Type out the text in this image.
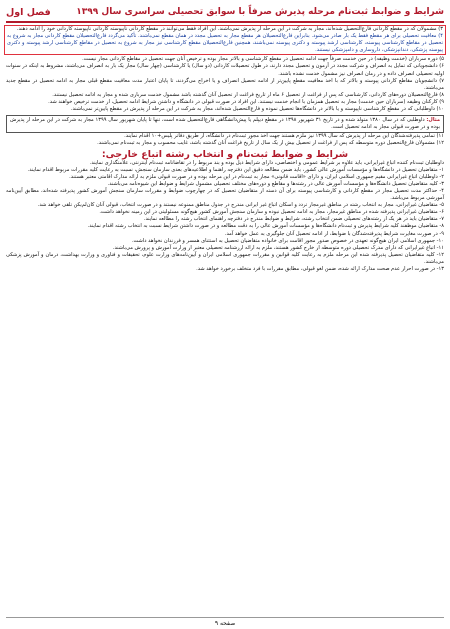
شرایط و ضوابط ثبت‌نام مرحله پذیرش صرفاً با سوابق تحصیلی سراسری سال ۱۳۹۹
فصل اول

۳) مشمولان که در مقطع کاردانی فارغ‌التحصیل شده‌اند، مجاز به شرکت در این مرحله از پذیرش نمی‌باشند. این افراد فقط می‌توانند در مقطع کاردانی ناپیوسته کاردانی ناپیوسته کاردانی خود را ادامه دهند.

۴) معافیت تحصیلی برای هر مقطع فقط یک بار صادر می‌شود. بنابراین فارغ‌التحصیلان هر مقطع مجاز به تحصیل مجدد در همان مقطع نمی‌باشند. تأکید می‌گردد فارغ‌التحصیلان مقطع کاردانی مجاز به شروع به تحصیل در مقاطع کارشناسی پیوسته، کارشناسی ارشد پیوسته و دکتری پیوسته نمی‌باشند، همچنین فارغ‌التحصیلان مقطع کارشناسی نیز مجاز به شروع به تحصیل در مقاطع کارشناسی ارشد پیوسته و دکتری پیوسته پزشکی، دندانپزشکی، داروسازی و دامپزشکی نیستند.

۵) دوره سربازان (خدمت وظیفه) در حین خدمت صرفاً جهت ادامه تحصیل در مقطع کارشناسی و بالاتر مجاز بوده و ترخیص آنان جهت تحصیل در مقاطع کاردانی مجاز نیست.

۶) دانشجویانی که تمایل به انصراف و شرکت مجدد در آزمون و تحصیل مجدد دارند، در طول تحصیلات کاردانی (دو سال) یا کارشناسی (چهار سال) مجاز یک بار به انصراف می‌باشند، مشروط به اینکه در سنوات اولیه تحصیلی انصراف داده و در زمان انصراف نیز مشمول خدمت نشده باشند.

۷) دانشجویان مقاطع کاردانی پیوسته و بالاتر که با اخذ معافیت مقطع پایین‌تر از ادامه تحصیل انصراف و یا اخراج می‌گردند، تا پایان اعتبار مدت معافیت مقطع قبلی مجاز به ادامه تحصیل در مقطع جدید می‌باشند.

۸) فارغ‌التحصیلان دوره‌های کاردانی، کارشناسی که پس از فراغت از تحصیل ۶ ماه از تاریخ فراغت از تحصیل آنان گذشته باشد مشمول خدمت سربازی شده و مجاز به ادامه تحصیل نیستند.

۹) کارکنان وظیفه (سربازان حین خدمت) مجاز به تحصیل همزمان با انجام خدمت نیستند. این افراد در صورت قبولی در دانشگاه و داشتن شرایط ادامه تحصیل، از خدمت ترخیص خواهند شد.

۱۰) داوطلبانی که در مقطع کارشناسی ناپیوسته و یا بالاتر در دانشگاه‌ها تحصیل نموده و فارغ‌التحصیل شده‌اند، مجاز به شرکت در این مرحله از پذیرش در مقطع پایین‌تر نمی‌باشند.

مثال: داوطلبی که در سال ۱۳۸۰ متولد شده و در تاریخ ۳۱ شهریور ۱۳۹۸ در مقطع دیپلم یا پیش‌دانشگاهی فارغ‌التحصیل شده است، تنها تا پایان شهریور سال ۱۳۹۹ مجاز به شرکت در این مرحله از پذیرش بوده و در صورت قبولی مجاز به ادامه تحصیل است.

۱۱) تمامی پذیرفته‌شدگان این مرحله از پذیرش که سال ۱۳۹۹ نیز ملزم هستند جهت اخذ مجوز ثبت‌نام در دانشگاه، از طریق دفاتر پلیس+۱۰ اقدام نمایند.

۱۲) مشمولان فارغ‌التحصیل دوره متوسطه که پس از فراغت از تحصیل بیش از یک سال از تاریخ فراغت آنان گذشته باشد، غایب محسوب و مجاز به ثبت‌نام نمی‌باشند.

شرایط و ضوابط ثبت‌نام و انتخاب رشته اتباع خارجی:

داوطلبان ثبت‌نام کننده اتباع غیرایرانی، باید علاوه بر شرایط عمومی و اختصاصی، دارای شرایط ذیل بوده و بند مربوط را در تقاضانامه ثبت‌نام اینترنتی، علامتگذاری نمایند.

۱- متقاضیان تحصیل در دانشگاه‌ها و مؤسسات آموزش عالی کشور، باید ضمن مطالعه دقیق این دفترچه راهنما و اطلاعیه‌های بعدی سازمان سنجش، نسبت به رعایت کلیه مقررات مربوط اقدام نمایند.

۲- داوطلبان اتباع غیرایرانی مقیم جمهوری اسلامی ایران، و دارای «اقامت قانونی» مجاز به ثبت‌نام در این مرحله بوده و در صورت قبولی ملزم به ارائه مدارک اقامتی معتبر هستند.

۳- کلیه متقاضیان تحصیل دانشگاه‌ها و مؤسسات آموزش عالی در رشته‌ها و مقاطع و دوره‌های مختلف تحصیلی مشمول شرایط و ضوابط این شیوه‌نامه می‌باشند.

۴- حداکثر مدت تحصیل مجاز در مقطع کاردانی و کارشناسی پیوسته برای آن دسته از متقاضیان تحصیل که در چهارچوب ضوابط و مقررات سازمان سنجش آموزش کشور پذیرفته شده‌اند، مطابق آیین‌نامه آموزشی مربوط می‌باشد.

۵- متقاضیان غیرایرانی، مجاز به انتخاب رشته در مناطق غیرمجاز تردد و اسکان اتباع غیر ایرانی مندرج در جدول مناطق ممنوعه نیستند و در صورت انتخاب، قبولی آنان کان‌لم‌یکن تلقی خواهد شد.

۶- متقاضیان غیرایرانی پذیرفته شده در مناطق غیرمجاز، مجاز به ادامه تحصیل نبوده و سازمان سنجش آموزش کشور هیچ‌گونه مسئولیتی در این زمینه نخواهد داشت.

۷- متقاضیان باید در هر یک از رشته‌های تحصیلی ضمن انتخاب رشته، شرایط و ضوابط مندرج در دفترچه راهنمای انتخاب رشته را مطالعه نمایند.

۸- متقاضیان موظفند کلیه شرایط پذیرش و ثبت‌نام دانشگاه‌ها و مؤسسات آموزش عالی را به دقت مطالعه و در صورت داشتن شرایط نسبت به انتخاب رشته اقدام نمایند.

۹- در صورت مغایرت شرایط پذیرفته‌شدگان با ضوابط، از ادامه تحصیل آنان جلوگیری به عمل خواهد آمد.

۱۰- جمهوری اسلامی ایران هیچ‌گونه تعهدی در خصوص صدور مجوز اقامت برای خانواده متقاضیان تحصیل به استثنای همسر و فرزندان نخواهد داشت.

۱۱- اتباع غیرایرانی که دارای مدرک تحصیلی دوره متوسطه از خارج کشور هستند، ملزم به ارائه ارزشنامه تحصیلی معتبر از وزارت آموزش و پرورش می‌باشند.

۱۲- کلیه متقاضیان تحصیل پذیرفته شده این مرحله ملزم به رعایت کلیه قوانین و مقررات جمهوری اسلامی ایران و آیین‌نامه‌های وزارت علوم، تحقیقات و فناوری و وزارت بهداشت، درمان و آموزش پزشکی می‌باشند.

۱۳- در صورت احراز عدم صحت مدارک ارائه شده، ضمن لغو قبولی، مطابق مقررات با فرد متخلف برخورد خواهد شد.

صفحه ۹
